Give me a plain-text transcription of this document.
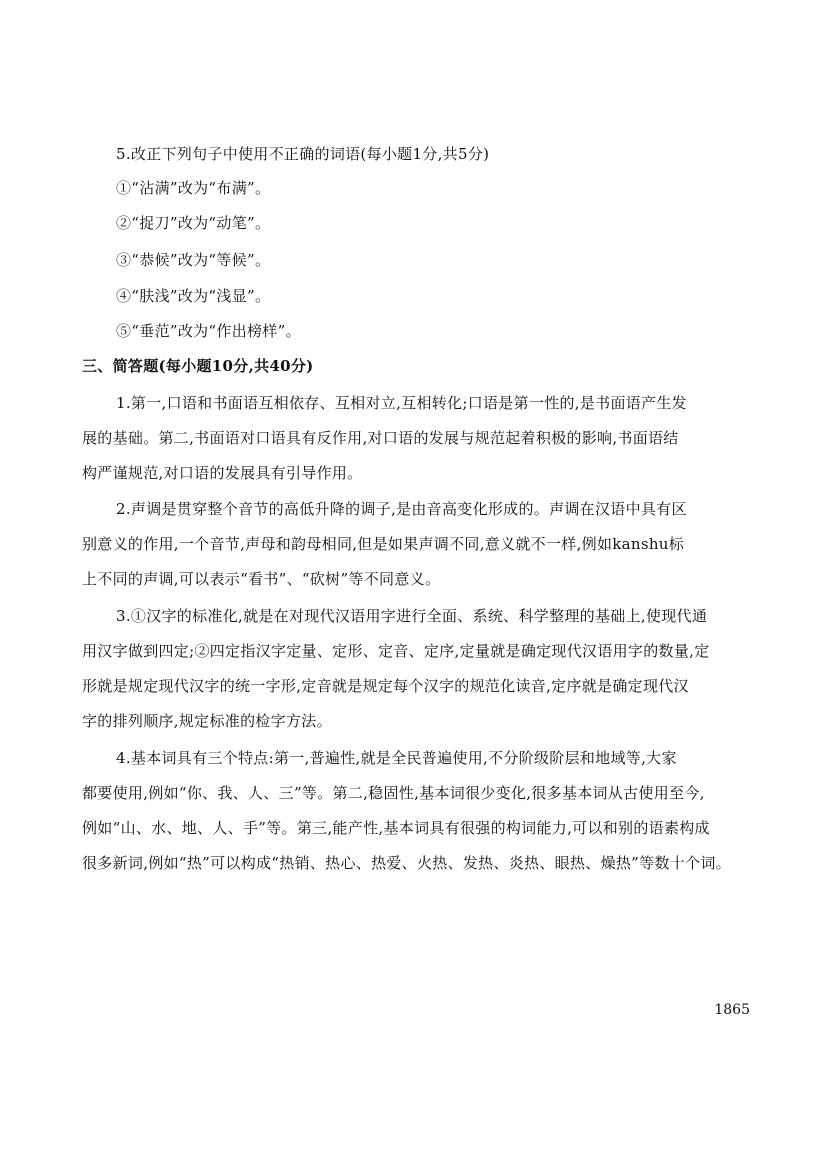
5.改正下列句子中使用不正确的词语(每小题1分,共5分)
①“沾满”改为“布满”。
②“捉刀”改为“动笔”。
③“恭候”改为“等候”。
④“肤浅”改为“浅显”。
⑤“垂范”改为“作出榜样”。
三、简答题(每小题10分,共40分)
1.第一,口语和书面语互相依存、互相对立,互相转化;口语是第一性的,是书面语产生发
展的基础。第二,书面语对口语具有反作用,对口语的发展与规范起着积极的影响,书面语结
构严谨规范,对口语的发展具有引导作用。
2.声调是贯穿整个音节的高低升降的调子,是由音高变化形成的。声调在汉语中具有区
别意义的作用,一个音节,声母和韵母相同,但是如果声调不同,意义就不一样,例如kanshu标
上不同的声调,可以表示“看书”、“砍树”等不同意义。
3.①汉字的标准化,就是在对现代汉语用字进行全面、系统、科学整理的基础上,使现代通
用汉字做到四定;②四定指汉字定量、定形、定音、定序,定量就是确定现代汉语用字的数量,定
形就是规定现代汉字的统一字形,定音就是规定每个汉字的规范化读音,定序就是确定现代汉
字的排列顺序,规定标准的检字方法。
4.基本词具有三个特点:第一,普遍性,就是全民普遍使用,不分阶级阶层和地域等,大家
都要使用,例如“你、我、人、三”等。第二,稳固性,基本词很少变化,很多基本词从古使用至今,
例如“山、水、地、人、手”等。第三,能产性,基本词具有很强的构词能力,可以和别的语素构成
很多新词,例如“热”可以构成“热销、热心、热爱、火热、发热、炎热、眼热、燥热”等数十个词。
1865
